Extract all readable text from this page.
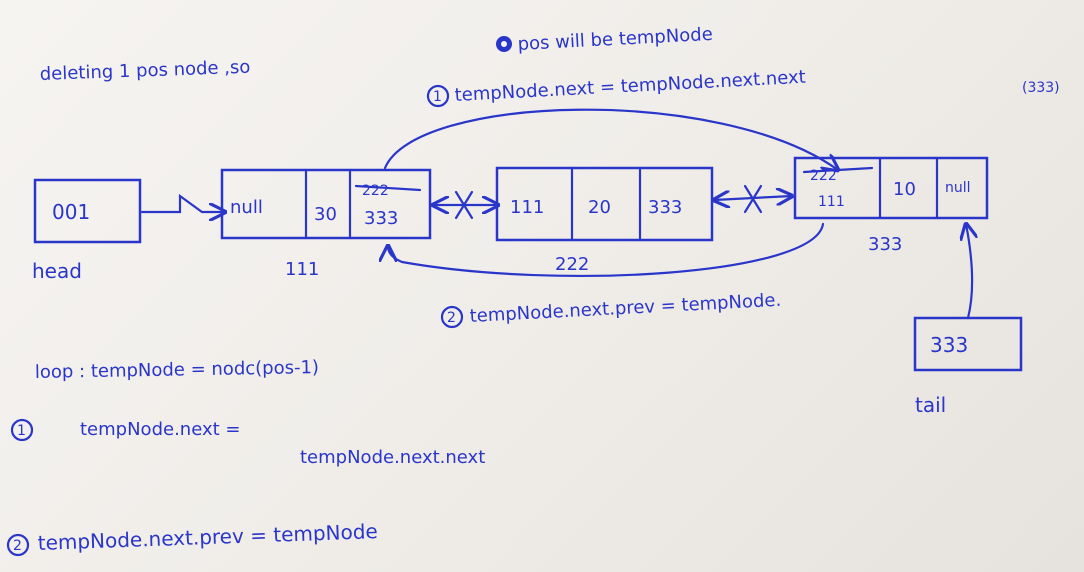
deleting 1 pos node ,so
pos will be tempNode
1 tempNode.next = tempNode.next.next	(333)
001
head
null	30
222
333
111
111 20 333
222
222
111
10 null
333
2 tempNode.next.prev = tempNode.
333
tail
loop : tempNode = nodc(pos-1)
1	tempNode.next =
tempNode.next.next
2 tempNode.next.prev = tempNode
